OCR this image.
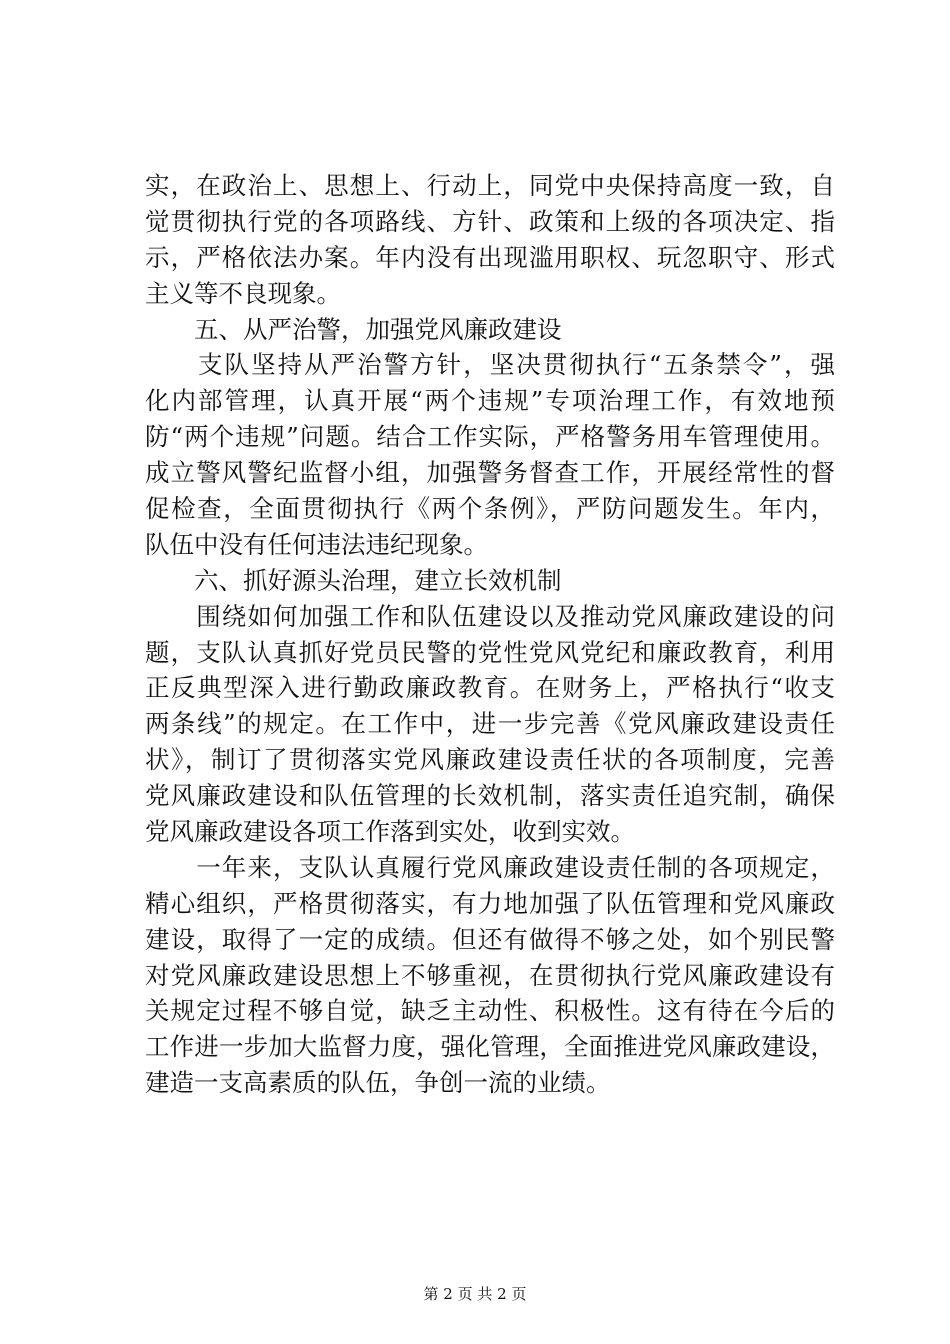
实，在政治上、思想上、行动上，同党中央保持高度一致，自
觉贯彻执行党的各项路线、方针、政策和上级的各项决定、指
示，严格依法办案。年内没有出现滥用职权、玩忽职守、形式
主义等不良现象。
　　五、从严治警，加强党风廉政建设
　　支队坚持从严治警方针，坚决贯彻执行“五条禁令”，强
化内部管理，认真开展“两个违规”专项治理工作，有效地预
防“两个违规”问题。结合工作实际，严格警务用车管理使用。
成立警风警纪监督小组，加强警务督查工作，开展经常性的督
促检查，全面贯彻执行《两个条例》，严防问题发生。年内，
队伍中没有任何违法违纪现象。
　　六、抓好源头治理，建立长效机制
　　围绕如何加强工作和队伍建设以及推动党风廉政建设的问
题，支队认真抓好党员民警的党性党风党纪和廉政教育，利用
正反典型深入进行勤政廉政教育。在财务上，严格执行“收支
两条线”的规定。在工作中，进一步完善《党风廉政建设责任
状》，制订了贯彻落实党风廉政建设责任状的各项制度，完善
党风廉政建设和队伍管理的长效机制，落实责任追究制，确保
党风廉政建设各项工作落到实处，收到实效。
　　一年来，支队认真履行党风廉政建设责任制的各项规定，
精心组织，严格贯彻落实，有力地加强了队伍管理和党风廉政
建设，取得了一定的成绩。但还有做得不够之处，如个别民警
对党风廉政建设思想上不够重视，在贯彻执行党风廉政建设有
关规定过程不够自觉，缺乏主动性、积极性。这有待在今后的
工作进一步加大监督力度，强化管理，全面推进党风廉政建设，
建造一支高素质的队伍，争创一流的业绩。
第 2 页 共 2 页
